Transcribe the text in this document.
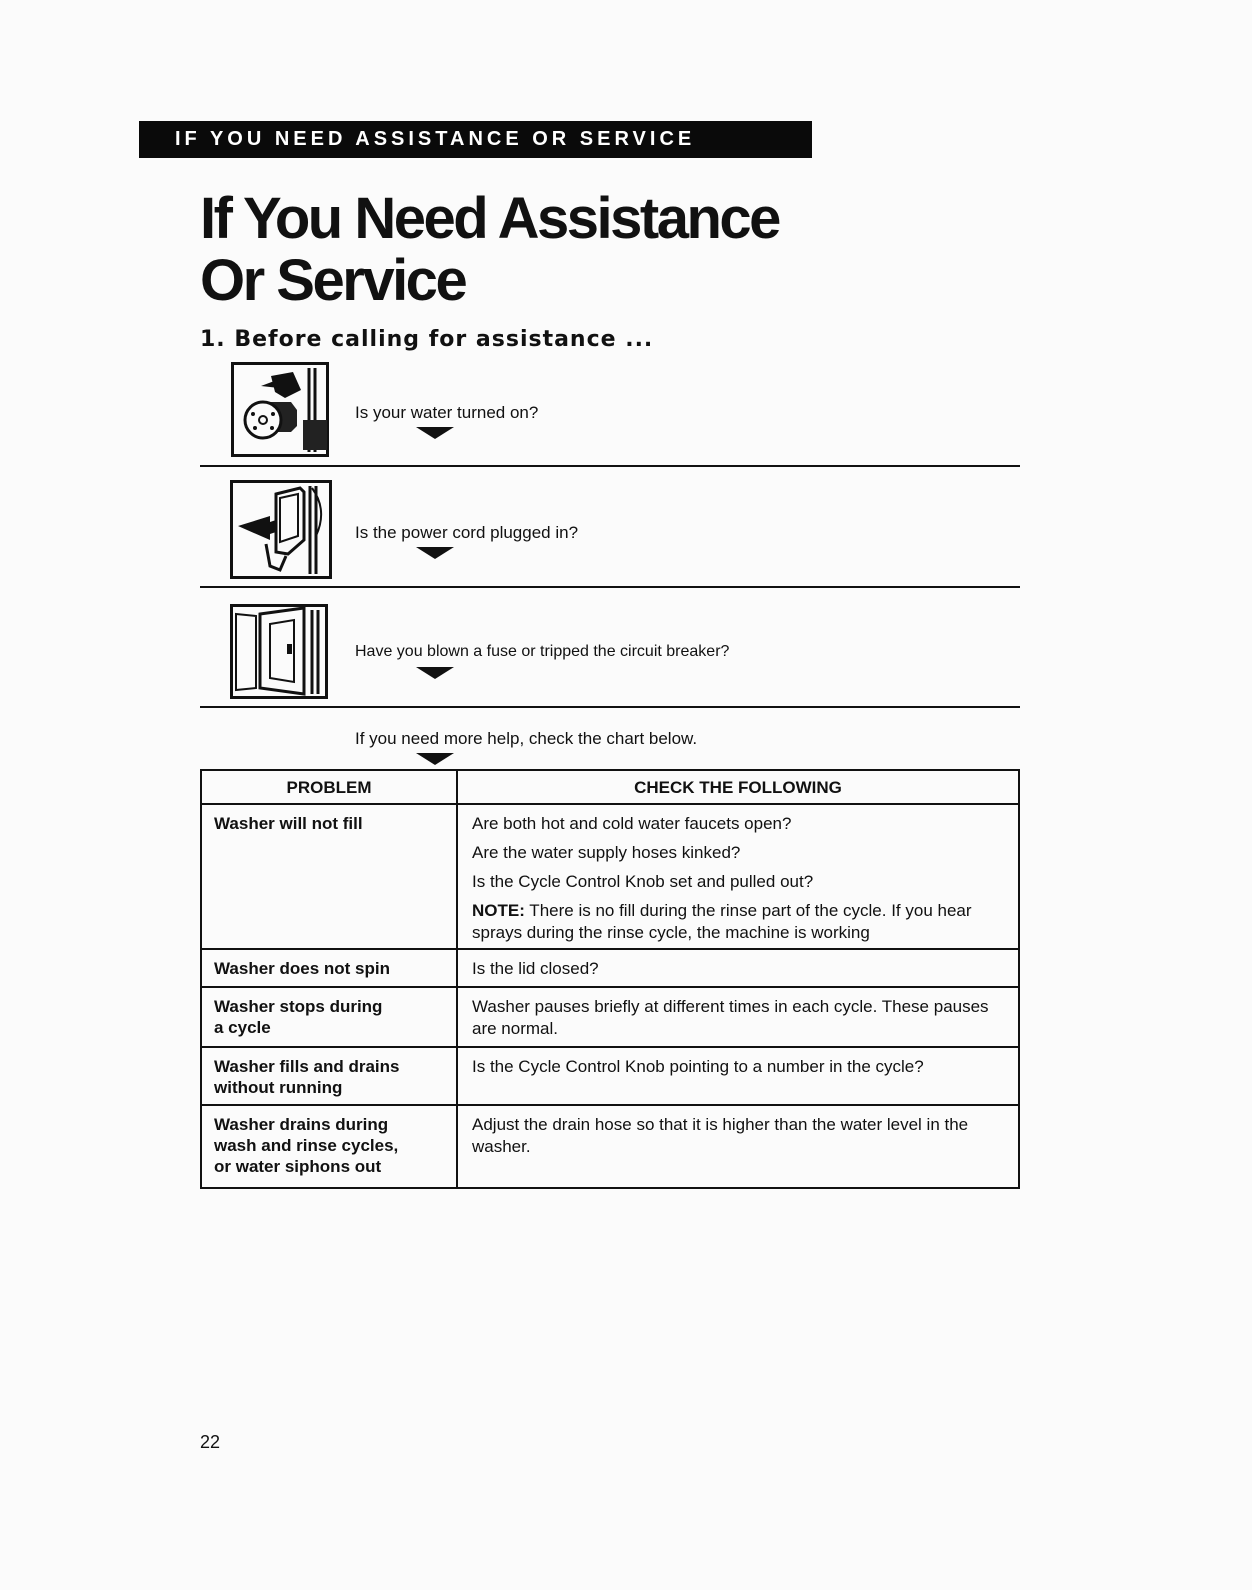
IF YOU NEED ASSISTANCE OR SERVICE
If You Need Assistance
Or Service
1. Before calling for assistance ...
Is your water turned on?
Is the power cord plugged in?
Have you blown a fuse or tripped the circuit breaker?
If you need more help, check the chart below.
PROBLEM	CHECK THE FOLLOWING

Washer will not fill	Are both hot and cold water faucets open?
Are the water supply hoses kinked?
Is the Cycle Control Knob set and pulled out?
NOTE: There is no fill during the rinse part of the cycle. If you hear sprays during the rinse cycle, the machine is working

Washer does not spin	Is the lid closed?

Washer stops during
a cycle	Washer pauses briefly at different times in each cycle. These pauses are normal.

Washer fills and drains
without running	Is the Cycle Control Knob pointing to a number in the cycle?

Washer drains during
wash and rinse cycles,
or water siphons out	Adjust the drain hose so that it is higher than the water level in the washer.
22
